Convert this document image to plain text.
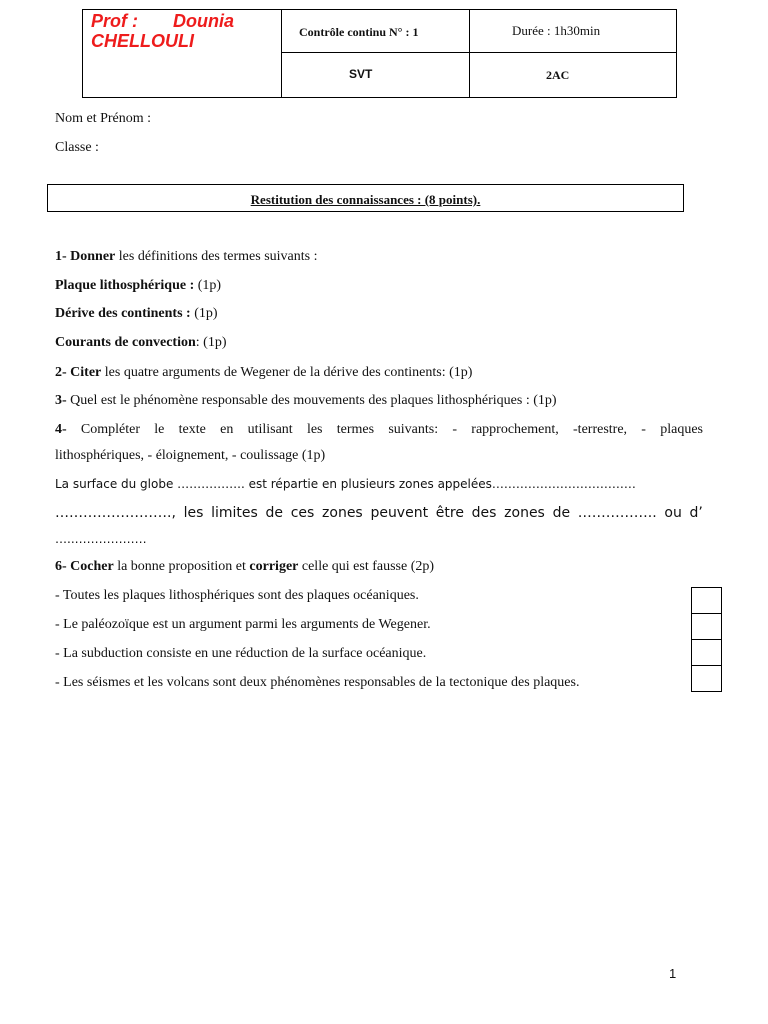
Prof : Dounia
CHELLOULI	Contrôle continu N° : 1	Durée : 1h30min
SVT	2AC
Nom et Prénom :
Classe :
Restitution des connaissances : (8 points).
1- Donner les définitions des termes suivants :
Plaque lithosphérique : (1p)
Dérive des continents : (1p)
Courants de convection: (1p)
2- Citer les quatre arguments de Wegener de la dérive des continents: (1p)
3- Quel est le phénomène responsable des mouvements des plaques lithosphériques : (1p)
4- Compléter le texte en utilisant les termes suivants: - rapprochement, -terrestre, - plaques
lithosphériques, - éloignement, - coulissage (1p)
La surface du globe …………….. est répartie en plusieurs zones appelées………………………………
……………………., les limites de ces zones peuvent être des zones de …………….. ou d’
…..………………
6- Cocher la bonne proposition et corriger celle qui est fausse (2p)
- Toutes les plaques lithosphériques sont des plaques océaniques.
- Le paléozoïque est un argument parmi les arguments de Wegener.
- La subduction consiste en une réduction de la surface océanique.
- Les séismes et les volcans sont deux phénomènes responsables de la tectonique des plaques.
1
